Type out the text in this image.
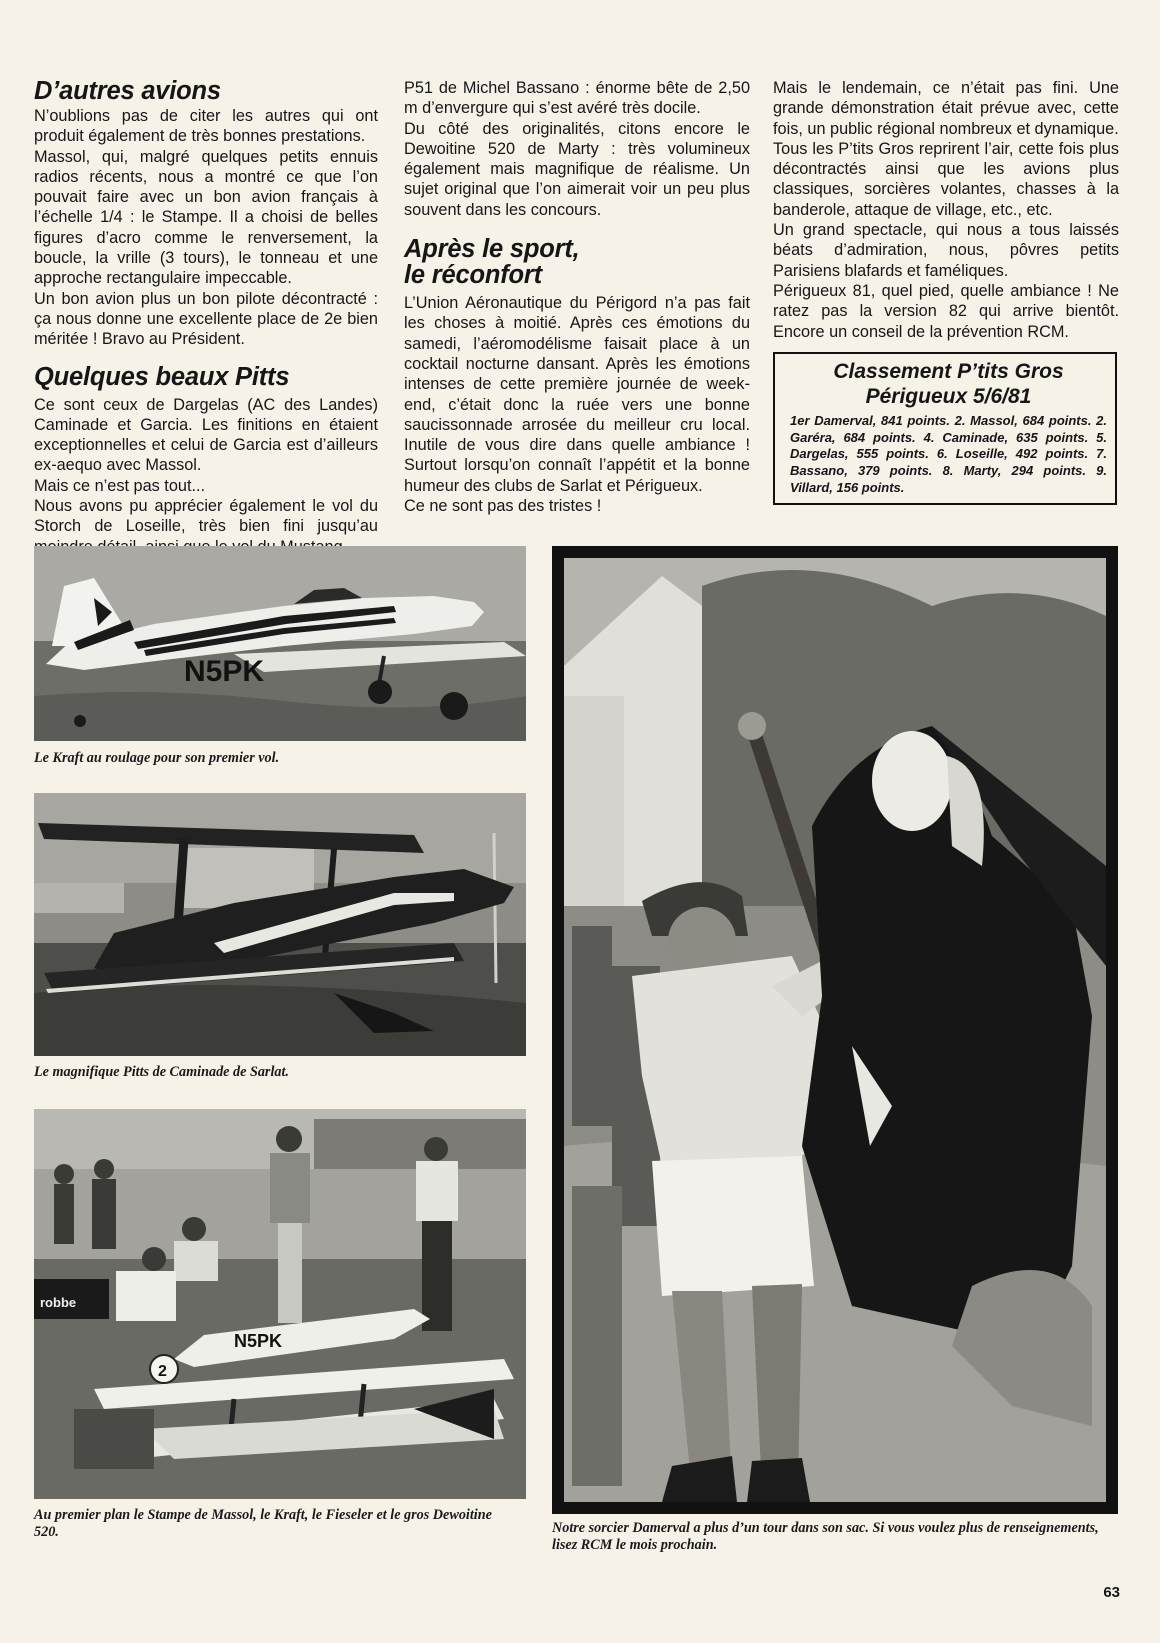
D’autres avions

N’oublions pas de citer les autres qui ont produit également de très bonnes prestations.

Massol, qui, malgré quelques petits ennuis radios récents, nous a montré ce que l’on pouvait faire avec un bon avion français à l’échelle 1/4 : le Stampe. Il a choisi de belles figures d’acro comme le renversement, la boucle, la vrille (3 tours), le tonneau et une approche rectangulaire impeccable.

Un bon avion plus un bon pilote décontracté : ça nous donne une excellente place de 2e bien méritée ! Bravo au Président.

Quelques beaux Pitts

Ce sont ceux de Dargelas (AC des Landes) Caminade et Garcia. Les finitions en étaient exceptionnelles et celui de Garcia est d’ailleurs ex-aequo avec Massol.

Mais ce n’est pas tout...

Nous avons pu apprécier également le vol du Storch de Loseille, très bien fini jusqu’au

P51 de Michel Bassano : énorme bête de 2,50 m d’envergure qui s’est avéré très docile.

Du côté des originalités, citons encore le Dewoitine 520 de Marty : très volumineux également mais magnifique de réalisme. Un sujet original que l’on aimerait voir un peu plus souvent dans les concours.

Après le sport,
le réconfort

L’Union Aéronautique du Périgord n’a pas fait les choses à moitié. Après ces émotions du samedi, l’aéromodélisme faisait place à un cocktail nocturne dansant. Après les émotions intenses de cette première journée de week-end, c’était donc la ruée vers une bonne saucissonnade arrosée du meilleur cru local. Inutile de vous dire dans quelle ambiance ! Surtout lorsqu’on connaît l’appétit et la bonne humeur des clubs de Sarlat et Périgueux.

Ce ne sont pas des tristes !

Mais le lendemain, ce n’était pas fini. Une grande démonstration était prévue avec, cette fois, un public régional nombreux et dynamique.

Tous les P’tits Gros reprirent l’air, cette fois plus décontractés ainsi que les avions plus classiques, sorcières volantes, chasses à la banderole, attaque de village, etc., etc.

Un grand spectacle, qui nous a tous laissés béats d’admiration, nous, pôvres petits Parisiens blafards et faméliques.

Périgueux 81, quel pied, quelle ambiance ! Ne ratez pas la version 82 qui arrive bientôt. Encore un conseil de la prévention RCM.

Classement P’tits Gros
Périgueux 5/6/81

1er Damerval, 841 points. 2. Massol, 684 points. 2. Garéra, 684 points. 4. Caminade, 635 points. 5. Dargelas, 555 points. 6. Loseille, 492 points. 7. Bassano, 379 points. 8. Marty, 294 points. 9. Villard, 156 points.

N5PK
Le Kraft au roulage pour son premier vol.
Le magnifique Pitts de Caminade de Sarlat.
robbe
N5PK
2
Au premier plan le Stampe de Massol, le Kraft, le Fieseler et le gros Dewoitine 520.	Notre sorcier Damerval a plus d’un tour dans son sac. Si vous voulez plus de renseignements, lisez RCM le mois prochain.
63
